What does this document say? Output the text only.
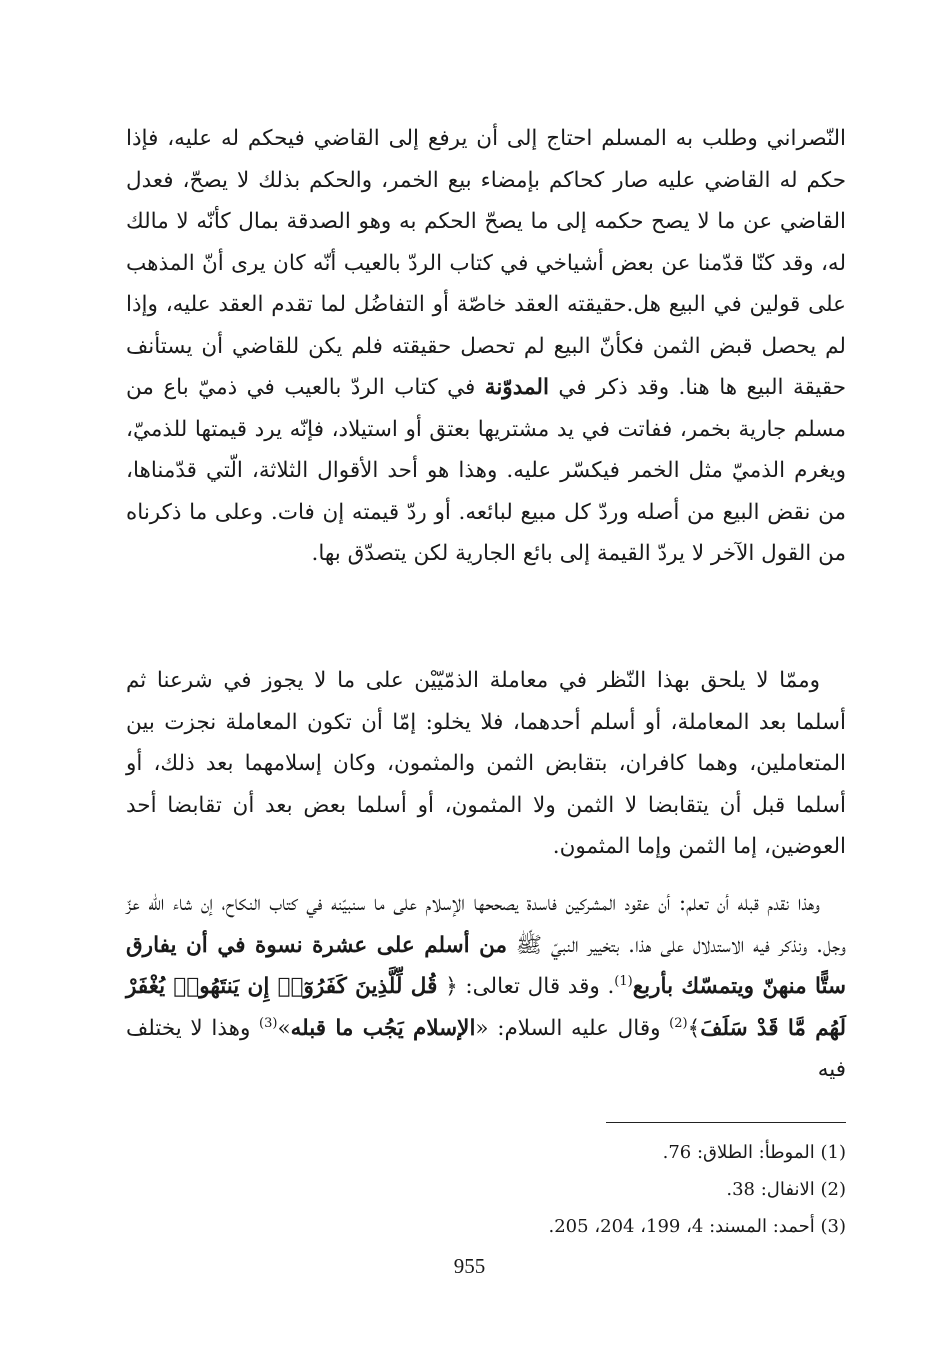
النّصراني وطلب به المسلم احتاج إلى أن يرفع إلى القاضي فيحكم له عليه، فإذا حكم له القاضي عليه صار كحاكم بإمضاء بيع الخمر، والحكم بذلك لا يصحّ، فعدل القاضي عن ما لا يصح حكمه إلى ما يصحّ الحكم به وهو الصدقة بمال كأنّه لا مالك له، وقد كنّا قدّمنا عن بعض أشياخي في كتاب الردّ بالعيب أنّه كان يرى أنّ المذهب على قولين في البيع هل.حقيقته العقد خاصّة أو التفاضُل لما تقدم العقد عليه، وإذا لم يحصل قبض الثمن فكأنّ البيع لم تحصل حقيقته فلم يكن للقاضي أن يستأنف حقيقة البيع ها هنا. وقد ذكر في المدوّنة في كتاب الردّ بالعيب في ذميّ باع من مسلم جارية بخمر، ففاتت في يد مشتريها بعتق أو استيلاد، فإنّه يرد قيمتها للذميّ، ويغرم الذميّ مثل الخمر فيكسّر عليه. وهذا هو أحد الأقوال الثلاثة، الّتي قدّمناها، من نقض البيع من أصله وردّ كل مبيع لبائعه. أو ردّ قيمته إن فات. وعلى ما ذكرناه من القول الآخر لا يردّ القيمة إلى بائع الجارية لكن يتصدّق بها.
وممّا لا يلحق بهذا النّظر في معاملة الذمّيّيْن على ما لا يجوز في شرعنا ثم أسلما بعد المعاملة، أو أسلم أحدهما، فلا يخلو: إمّا أن تكون المعاملة نجزت بين المتعاملين، وهما كافران، بتقابض الثمن والمثمون، وكان إسلامهما بعد ذلك، أو أسلما قبل أن يتقابضا لا الثمن ولا المثمون، أو أسلما بعض بعد أن تقابضا أحد العوضين، إما الثمن وإما المثمون.
وهذا نقدم قبله أن تعلم: أن عقود المشركين فاسدة يصححها الإسلام على ما سنبيّنه في كتاب النكاح، إن شاء الله عزّ وجل. ونذكر فيه الاستدلال على هذا. بتخيير النبيّ ﷺ من أسلم على عشرة نسوة في أن يفارق ستًّا منهنّ ويتمسّك بأربع$^{(1)}$. وقد قال تعالى: ﴿ قُل لِّلَّذِينَ كَفَرُوٓا۟ إِن يَنتَهُوا۟ يُغْفَرْ لَهُم مَّا قَدْ سَلَفَ﴾$^{(2)}$ وقال عليه السلام: «الإسلام يَجُب ما قبله»$^{(3)}$ وهذا لا يختلف فيه
(1) الموطأ: الطلاق: 76.
(2) الانفال: 38.
(3) أحمد: المسند: 4، 199، 204، 205.
955
